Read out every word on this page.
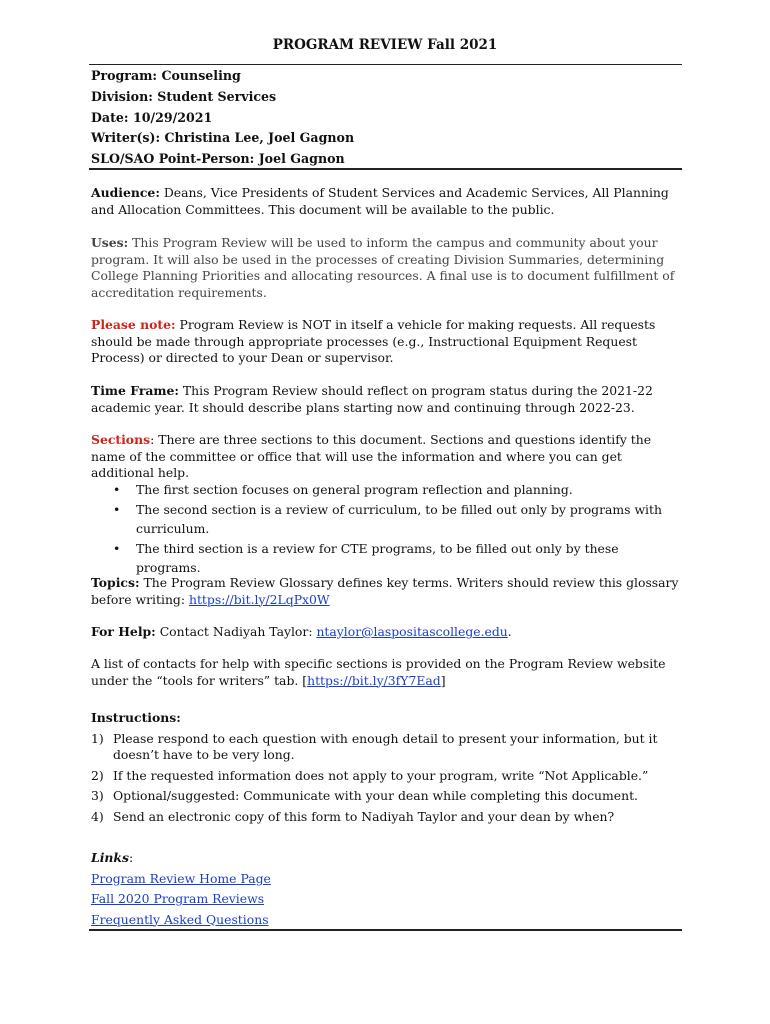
PROGRAM REVIEW Fall 2021
Program: Counseling
Division: Student Services
Date: 10/29/2021
Writer(s): Christina Lee, Joel Gagnon
SLO/SAO Point-Person: Joel Gagnon
Audience: Deans, Vice Presidents of Student Services and Academic Services, All Planning and Allocation Committees. This document will be available to the public.
Uses: This Program Review will be used to inform the campus and community about your program. It will also be used in the processes of creating Division Summaries, determining College Planning Priorities and allocating resources. A final use is to document fulfillment of accreditation requirements.
Please note: Program Review is NOT in itself a vehicle for making requests. All requests should be made through appropriate processes (e.g., Instructional Equipment Request Process) or directed to your Dean or supervisor.
Time Frame: This Program Review should reflect on program status during the 2021-22 academic year. It should describe plans starting now and continuing through 2022-23.
Sections: There are three sections to this document. Sections and questions identify the name of the committee or office that will use the information and where you can get additional help.
• The first section focuses on general program reflection and planning.
• The second section is a review of curriculum, to be filled out only by programs with curriculum.
• The third section is a review for CTE programs, to be filled out only by these programs.
Topics: The Program Review Glossary defines key terms. Writers should review this glossary before writing: https://bit.ly/2LqPx0W
For Help: Contact Nadiyah Taylor: ntaylor@laspositascollege.edu.
A list of contacts for help with specific sections is provided on the Program Review website under the “tools for writers” tab. [https://bit.ly/3fY7Ead]
Instructions:
1) Please respond to each question with enough detail to present your information, but it doesn’t have to be very long.
2) If the requested information does not apply to your program, write “Not Applicable.”
3) Optional/suggested: Communicate with your dean while completing this document.
4) Send an electronic copy of this form to Nadiyah Taylor and your dean by when?
Links:
Program Review Home Page
Fall 2020 Program Reviews
Frequently Asked Questions
